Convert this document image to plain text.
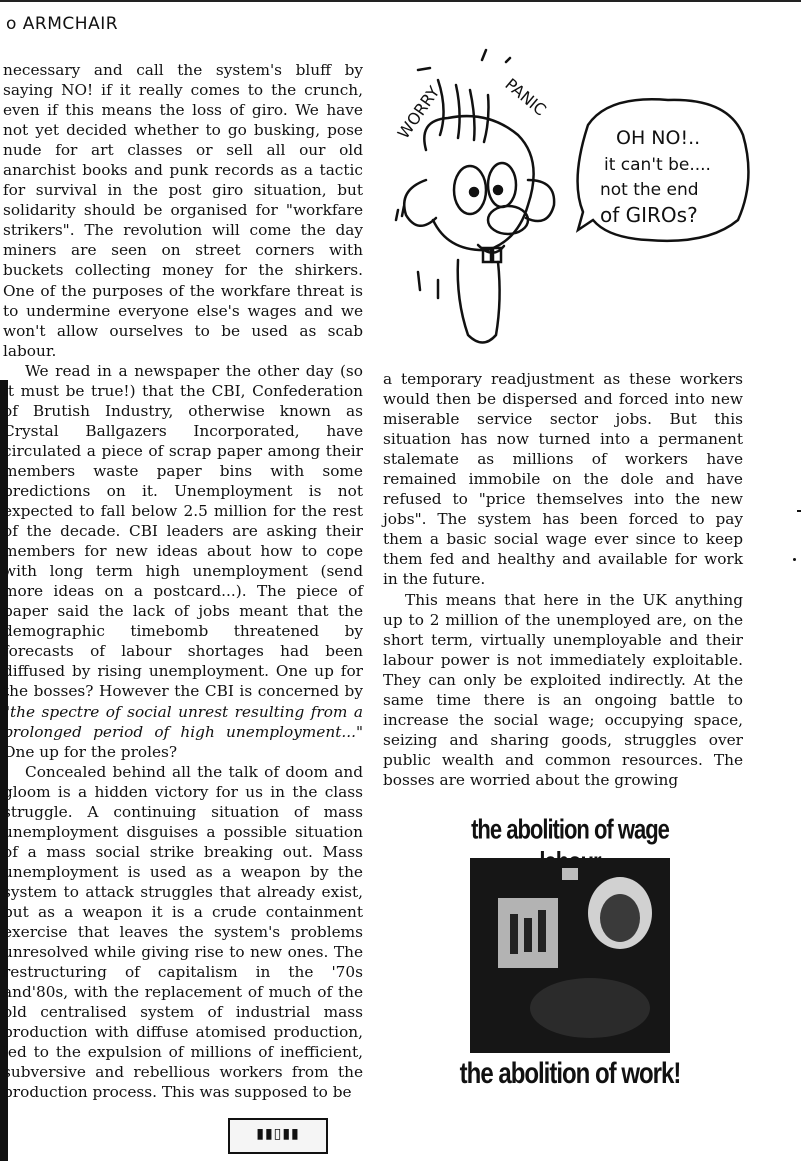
o ARMCHAIR

necessary and call the system's bluff by saying NO! if it really comes to the crunch, even if this means the loss of giro. We have not yet decided whether to go busking, pose nude for art classes or sell all our old anarchist books and punk records as a tactic for survival in the post giro situation, but solidarity should be organised for "workfare strikers". The revolution will come the day miners are seen on street corners with buckets collecting money for the shirkers. One of the purposes of the workfare threat is to undermine everyone else's wages and we won't allow ourselves to be used as scab labour.

We read in a newspaper the other day (so it must be true!) that the CBI, Confederation of Brutish Industry, otherwise known as Crystal Ballgazers Incorporated, have circulated a piece of scrap paper among their members waste paper bins with some predictions on it. Unemployment is not expected to fall below 2.5 million for the rest of the decade. CBI leaders are asking their members for new ideas about how to cope with long term high unemployment (send more ideas on a postcard...). The piece of paper said the lack of jobs meant that the demographic timebomb threatened by forecasts of labour shortages had been diffused by rising unemployment. One up for the bosses? However the CBI is concerned by "the spectre of social unrest resulting from a prolonged period of high unemployment..." One up for the proles?

Concealed behind all the talk of doom and gloom is a hidden victory for us in the class struggle. A continuing situation of mass unemployment disguises a possible situation of a mass social strike breaking out. Mass unemployment is used as a weapon by the system to attack struggles that already exist, but as a weapon it is a crude containment exercise that leaves the system's problems unresolved while giving rise to new ones. The restructuring of capitalism in the '70s and'80s, with the replacement of much of the old centralised system of industrial mass production with diffuse atomised production, led to the expulsion of millions of inefficient, subversive and rebellious workers from the production process. This was supposed to be

WORRY	PANIC
OH NO!..
it can't be....
not the end
of GIROs?

a temporary readjustment as these workers would then be dispersed and forced into new miserable service sector jobs. But this situation has now turned into a permanent stalemate as millions of workers have remained immobile on the dole and have refused to "price themselves into the new jobs". The system has been forced to pay them a basic social wage ever since to keep them fed and healthy and available for work in the future.

This means that here in the UK anything up to 2 million of the unemployed are, on the short term, virtually unemployable and their labour power is not immediately exploitable. They can only be exploited indirectly. At the same time there is an ongoing battle to increase the social wage; occupying space, seizing and sharing goods, struggles over public wealth and common resources. The bosses are worried about the growing

the abolition of wage
the abolition of work!
▮▮▯▮▮
